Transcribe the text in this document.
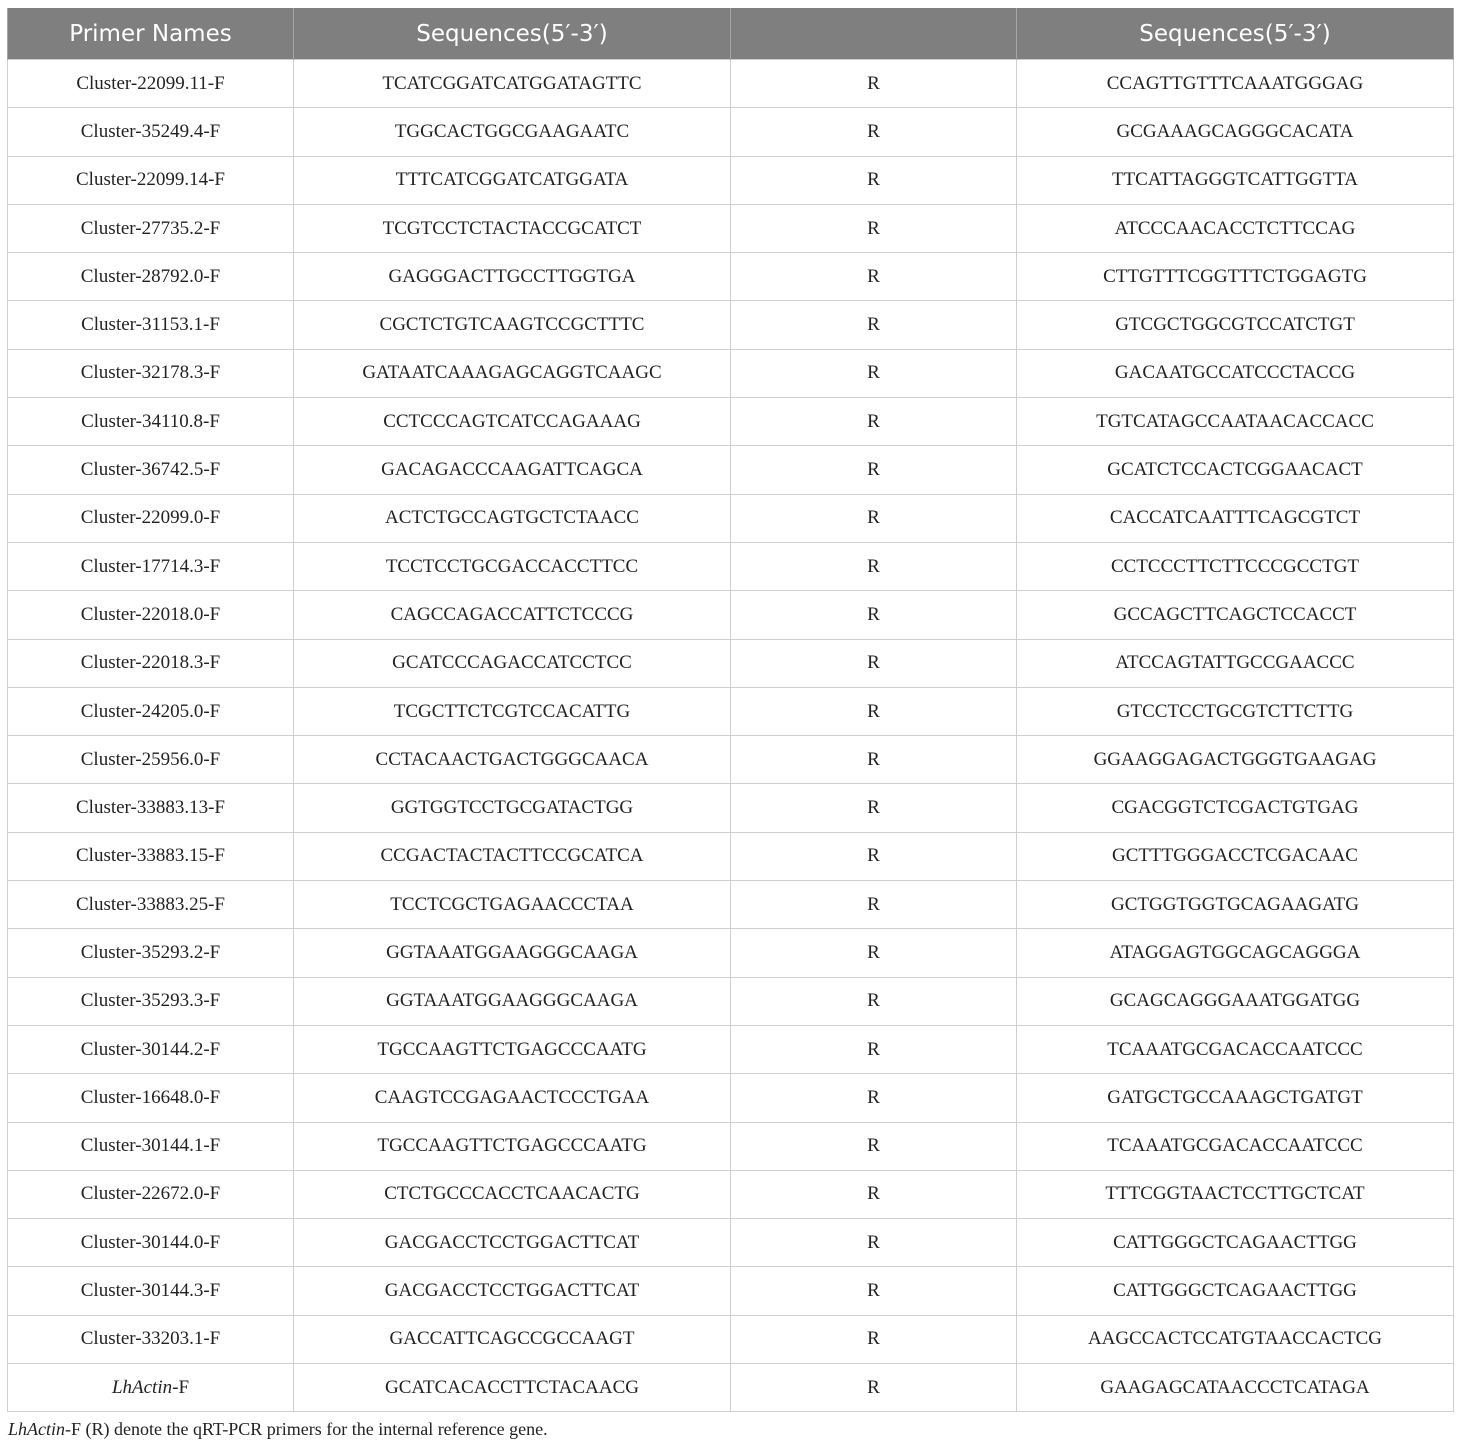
Primer Names	Sequences(5′-3′)		Sequences(5′-3′)
Cluster-22099.11-F	TCATCGGATCATGGATAGTTC	R	CCAGTTGTTTCAAATGGGAG
Cluster-35249.4-F	TGGCACTGGCGAAGAATC	R	GCGAAAGCAGGGCACATA
Cluster-22099.14-F	TTTCATCGGATCATGGATA	R	TTCATTAGGGTCATTGGTTA
Cluster-27735.2-F	TCGTCCTCTACTACCGCATCT	R	ATCCCAACACCTCTTCCAG
Cluster-28792.0-F	GAGGGACTTGCCTTGGTGA	R	CTTGTTTCGGTTTCTGGAGTG
Cluster-31153.1-F	CGCTCTGTCAAGTCCGCTTTC	R	GTCGCTGGCGTCCATCTGT
Cluster-32178.3-F	GATAATCAAAGAGCAGGTCAAGC	R	GACAATGCCATCCCTACCG
Cluster-34110.8-F	CCTCCCAGTCATCCAGAAAG	R	TGTCATAGCCAATAACACCACC
Cluster-36742.5-F	GACAGACCCAAGATTCAGCA	R	GCATCTCCACTCGGAACACT
Cluster-22099.0-F	ACTCTGCCAGTGCTCTAACC	R	CACCATCAATTTCAGCGTCT
Cluster-17714.3-F	TCCTCCTGCGACCACCTTCC	R	CCTCCCTTCTTCCCGCCTGT
Cluster-22018.0-F	CAGCCAGACCATTCTCCCG	R	GCCAGCTTCAGCTCCACCT
Cluster-22018.3-F	GCATCCCAGACCATCCTCC	R	ATCCAGTATTGCCGAACCC
Cluster-24205.0-F	TCGCTTCTCGTCCACATTG	R	GTCCTCCTGCGTCTTCTTG
Cluster-25956.0-F	CCTACAACTGACTGGGCAACA	R	GGAAGGAGACTGGGTGAAGAG
Cluster-33883.13-F	GGTGGTCCTGCGATACTGG	R	CGACGGTCTCGACTGTGAG
Cluster-33883.15-F	CCGACTACTACTTCCGCATCA	R	GCTTTGGGACCTCGACAAC
Cluster-33883.25-F	TCCTCGCTGAGAACCCTAA	R	GCTGGTGGTGCAGAAGATG
Cluster-35293.2-F	GGTAAATGGAAGGGCAAGA	R	ATAGGAGTGGCAGCAGGGA
Cluster-35293.3-F	GGTAAATGGAAGGGCAAGA	R	GCAGCAGGGAAATGGATGG
Cluster-30144.2-F	TGCCAAGTTCTGAGCCCAATG	R	TCAAATGCGACACCAATCCC
Cluster-16648.0-F	CAAGTCCGAGAACTCCCTGAA	R	GATGCTGCCAAAGCTGATGT
Cluster-30144.1-F	TGCCAAGTTCTGAGCCCAATG	R	TCAAATGCGACACCAATCCC
Cluster-22672.0-F	CTCTGCCCACCTCAACACTG	R	TTTCGGTAACTCCTTGCTCAT
Cluster-30144.0-F	GACGACCTCCTGGACTTCAT	R	CATTGGGCTCAGAACTTGG
Cluster-30144.3-F	GACGACCTCCTGGACTTCAT	R	CATTGGGCTCAGAACTTGG
Cluster-33203.1-F	GACCATTCAGCCGCCAAGT	R	AAGCCACTCCATGTAACCACTCG
LhActin-F	GCATCACACCTTCTACAACG	R	GAAGAGCATAACCCTCATAGA
LhActin-F (R) denote the qRT-PCR primers for the internal reference gene.
